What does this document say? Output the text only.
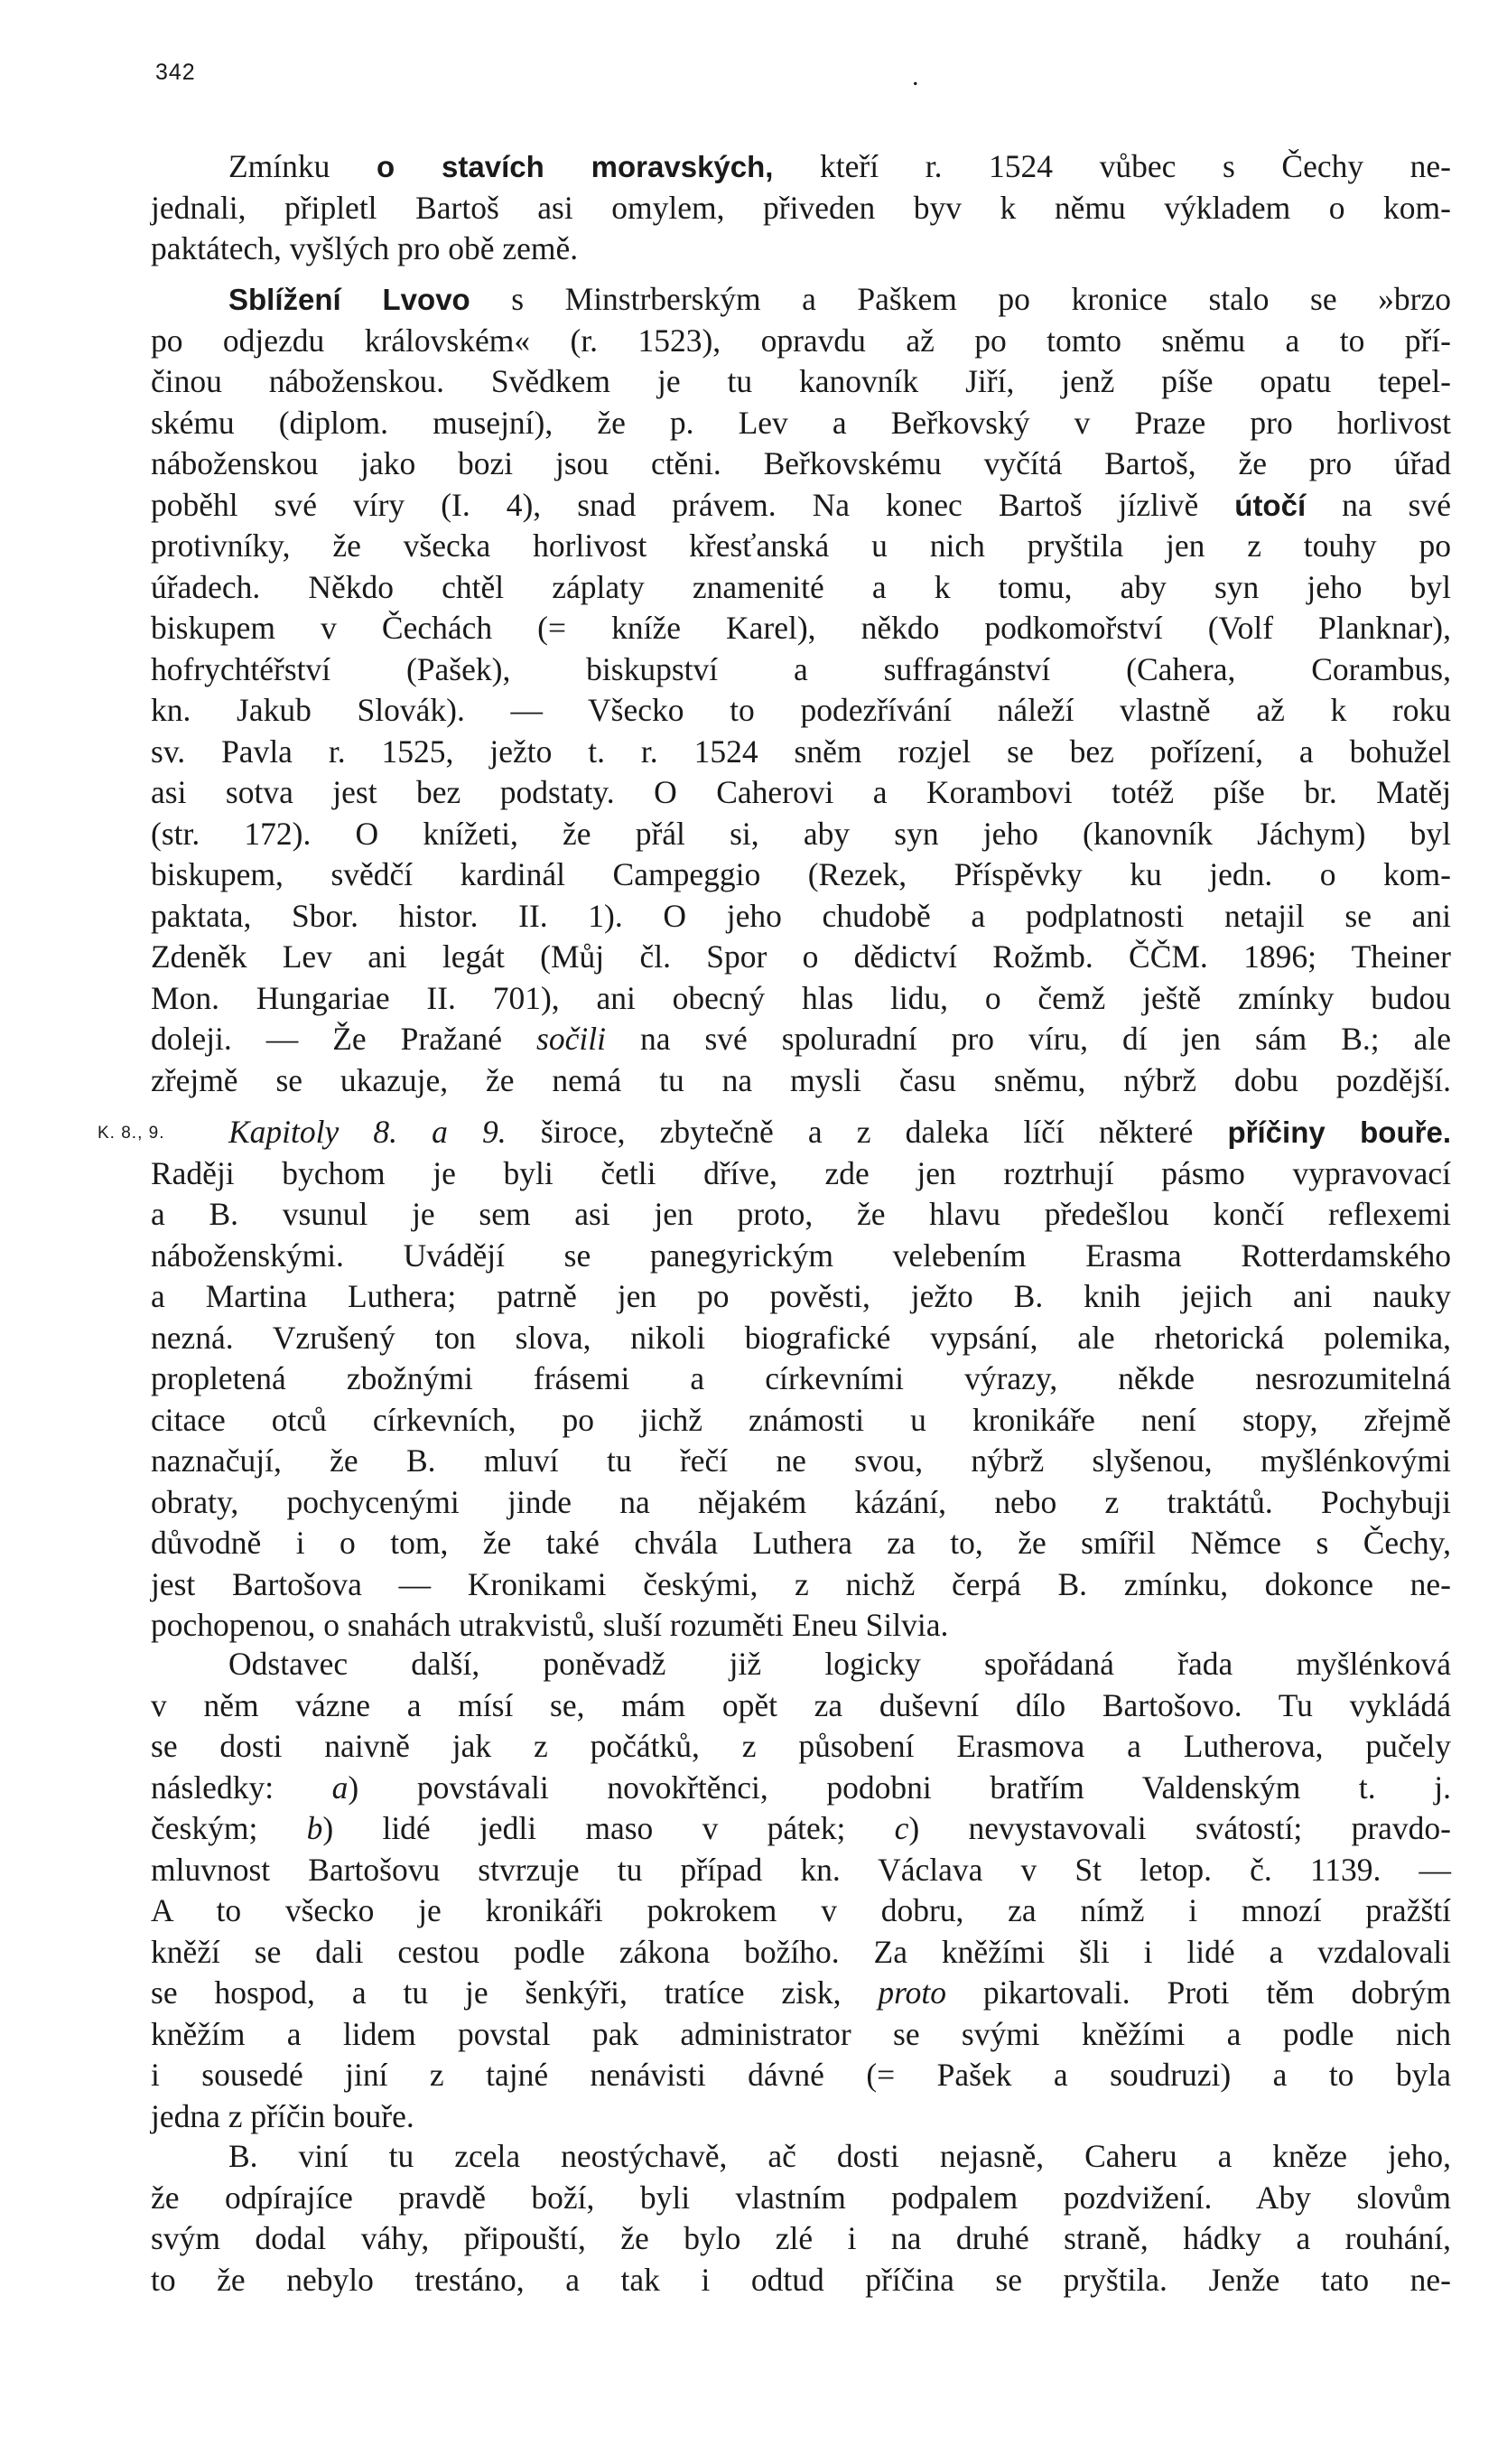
342	.
K. 8., 9.
Zmínku o stavích moravských, kteří r. 1524 vůbec s Čechy ne-
jednali, připletl Bartoš asi omylem, přiveden byv k němu výkladem o kom-
paktátech, vyšlých pro obě země.
Sblížení Lvovo s Minstrberským a Paškem po kronice stalo se »brzo
po odjezdu královském« (r. 1523), opravdu až po tomto sněmu a to pří-
činou náboženskou. Svědkem je tu kanovník Jiří, jenž píše opatu tepel-
skému (diplom. musejní), že p. Lev a Beřkovský v Praze pro horlivost
náboženskou jako bozi jsou ctěni. Beřkovskému vyčítá Bartoš, že pro úřad
poběhl své víry (I. 4), snad právem. Na konec Bartoš jízlivě útočí na své
protivníky, že všecka horlivost křesťanská u nich pryštila jen z touhy po
úřadech. Někdo chtěl záplaty znamenité a k tomu, aby syn jeho byl
biskupem v Čechách (= kníže Karel), někdo podkomořství (Volf Planknar),
hofrychtéřství (Pašek), biskupství a suffragánství (Cahera, Corambus,
kn. Jakub Slovák). — Všecko to podezřívání náleží vlastně až k roku
sv. Pavla r. 1525, ježto t. r. 1524 sněm rozjel se bez pořízení, a bohužel
asi sotva jest bez podstaty. O Caherovi a Korambovi totéž píše br. Matěj
(str. 172). O knížeti, že přál si, aby syn jeho (kanovník Jáchym) byl
biskupem, svědčí kardinál Campeggio (Rezek, Příspěvky ku jedn. o kom-
paktata, Sbor. histor. II. 1). O jeho chudobě a podplatnosti netajil se ani
Zdeněk Lev ani legát (Můj čl. Spor o dědictví Rožmb. ČČM. 1896; Theiner
Mon. Hungariae II. 701), ani obecný hlas lidu, o čemž ještě zmínky budou
doleji. — Že Pražané sočili na své spoluradní pro víru, dí jen sám B.; ale
zřejmě se ukazuje, že nemá tu na mysli času sněmu, nýbrž dobu pozdější.
Kapitoly 8. a 9. široce, zbytečně a z daleka líčí některé příčiny bouře.
Raději bychom je byli četli dříve, zde jen roztrhují pásmo vypravovací
a B. vsunul je sem asi jen proto, že hlavu předešlou končí reflexemi
náboženskými. Uvádějí se panegyrickým velebením Erasma Rotterdamského
a Martina Luthera; patrně jen po pověsti, ježto B. knih jejich ani nauky
nezná. Vzrušený ton slova, nikoli biografické vypsání, ale rhetorická polemika,
propletená zbožnými frásemi a církevními výrazy, někde nesrozumitelná
citace otců církevních, po jichž známosti u kronikáře není stopy, zřejmě
naznačují, že B. mluví tu řečí ne svou, nýbrž slyšenou, myšlénkovými
obraty, pochycenými jinde na nějakém kázání, nebo z traktátů. Pochybuji
důvodně i o tom, že také chvála Luthera za to, že smířil Němce s Čechy,
jest Bartošova — Kronikami českými, z nichž čerpá B. zmínku, dokonce ne-
pochopenou, o snahách utrakvistů, sluší rozuměti Eneu Silvia.
Odstavec další, poněvadž již logicky spořádaná řada myšlénková
v něm vázne a mísí se, mám opět za duševní dílo Bartošovo. Tu vykládá
se dosti naivně jak z počátků, z působení Erasmova a Lutherova, pučely
následky: a) povstávali novokřtěnci, podobni bratřím Valdenským t. j.
českým; b) lidé jedli maso v pátek; c) nevystavovali svátostí; pravdo-
mluvnost Bartošovu stvrzuje tu případ kn. Václava v St letop. č. 1139. —
A to všecko je kronikáři pokrokem v dobru, za nímž i mnozí pražští
kněží se dali cestou podle zákona božího. Za kněžími šli i lidé a vzdalovali
se hospod, a tu je šenkýři, tratíce zisk, proto pikartovali. Proti těm dobrým
kněžím a lidem povstal pak administrator se svými kněžími a podle nich
i sousedé jiní z tajné nenávisti dávné (= Pašek a soudruzi) a to byla
jedna z příčin bouře.
B. viní tu zcela neostýchavě, ač dosti nejasně, Caheru a kněze jeho,
že odpírajíce pravdě boží, byli vlastním podpalem pozdvižení. Aby slovům
svým dodal váhy, připouští, že bylo zlé i na druhé straně, hádky a rouhání,
to že nebylo trestáno, a tak i odtud příčina se pryštila. Jenže tato ne-
